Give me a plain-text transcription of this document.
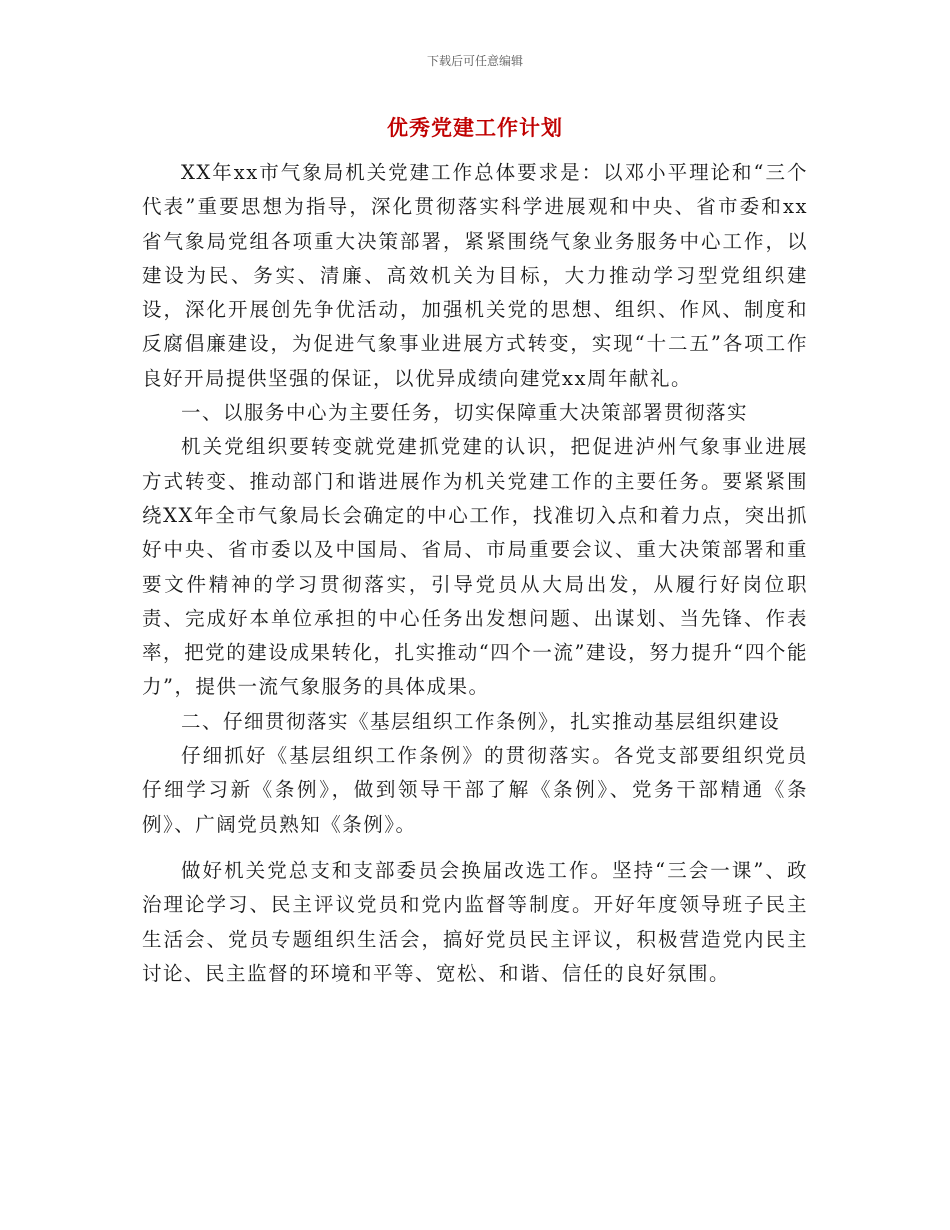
下载后可任意编辑
优秀党建工作计划

XX年xx市气象局机关党建工作总体要求是：以邓小平理论和“三个代表”重要思想为指导，深化贯彻落实科学进展观和中央、省市委和xx省气象局党组各项重大决策部署，紧紧围绕气象业务服务中心工作，以建设为民、务实、清廉、高效机关为目标，大力推动学习型党组织建设，深化开展创先争优活动，加强机关党的思想、组织、作风、制度和反腐倡廉建设，为促进气象事业进展方式转变，实现“十二五”各项工作良好开局提供坚强的保证，以优异成绩向建党xx周年献礼。

一、以服务中心为主要任务，切实保障重大决策部署贯彻落实

机关党组织要转变就党建抓党建的认识，把促进泸州气象事业进展方式转变、推动部门和谐进展作为机关党建工作的主要任务。要紧紧围绕XX年全市气象局长会确定的中心工作，找准切入点和着力点，突出抓好中央、省市委以及中国局、省局、市局重要会议、重大决策部署和重要文件精神的学习贯彻落实，引导党员从大局出发，从履行好岗位职责、完成好本单位承担的中心任务出发想问题、出谋划、当先锋、作表率，把党的建设成果转化，扎实推动“四个一流”建设，努力提升“四个能力”，提供一流气象服务的具体成果。

二、仔细贯彻落实《基层组织工作条例》，扎实推动基层组织建设

仔细抓好《基层组织工作条例》的贯彻落实。各党支部要组织党员仔细学习新《条例》，做到领导干部了解《条例》、党务干部精通《条例》、广阔党员熟知《条例》。

做好机关党总支和支部委员会换届改选工作。坚持“三会一课”、政治理论学习、民主评议党员和党内监督等制度。开好年度领导班子民主生活会、党员专题组织生活会，搞好党员民主评议，积极营造党内民主讨论、民主监督的环境和平等、宽松、和谐、信任的良好氛围。
